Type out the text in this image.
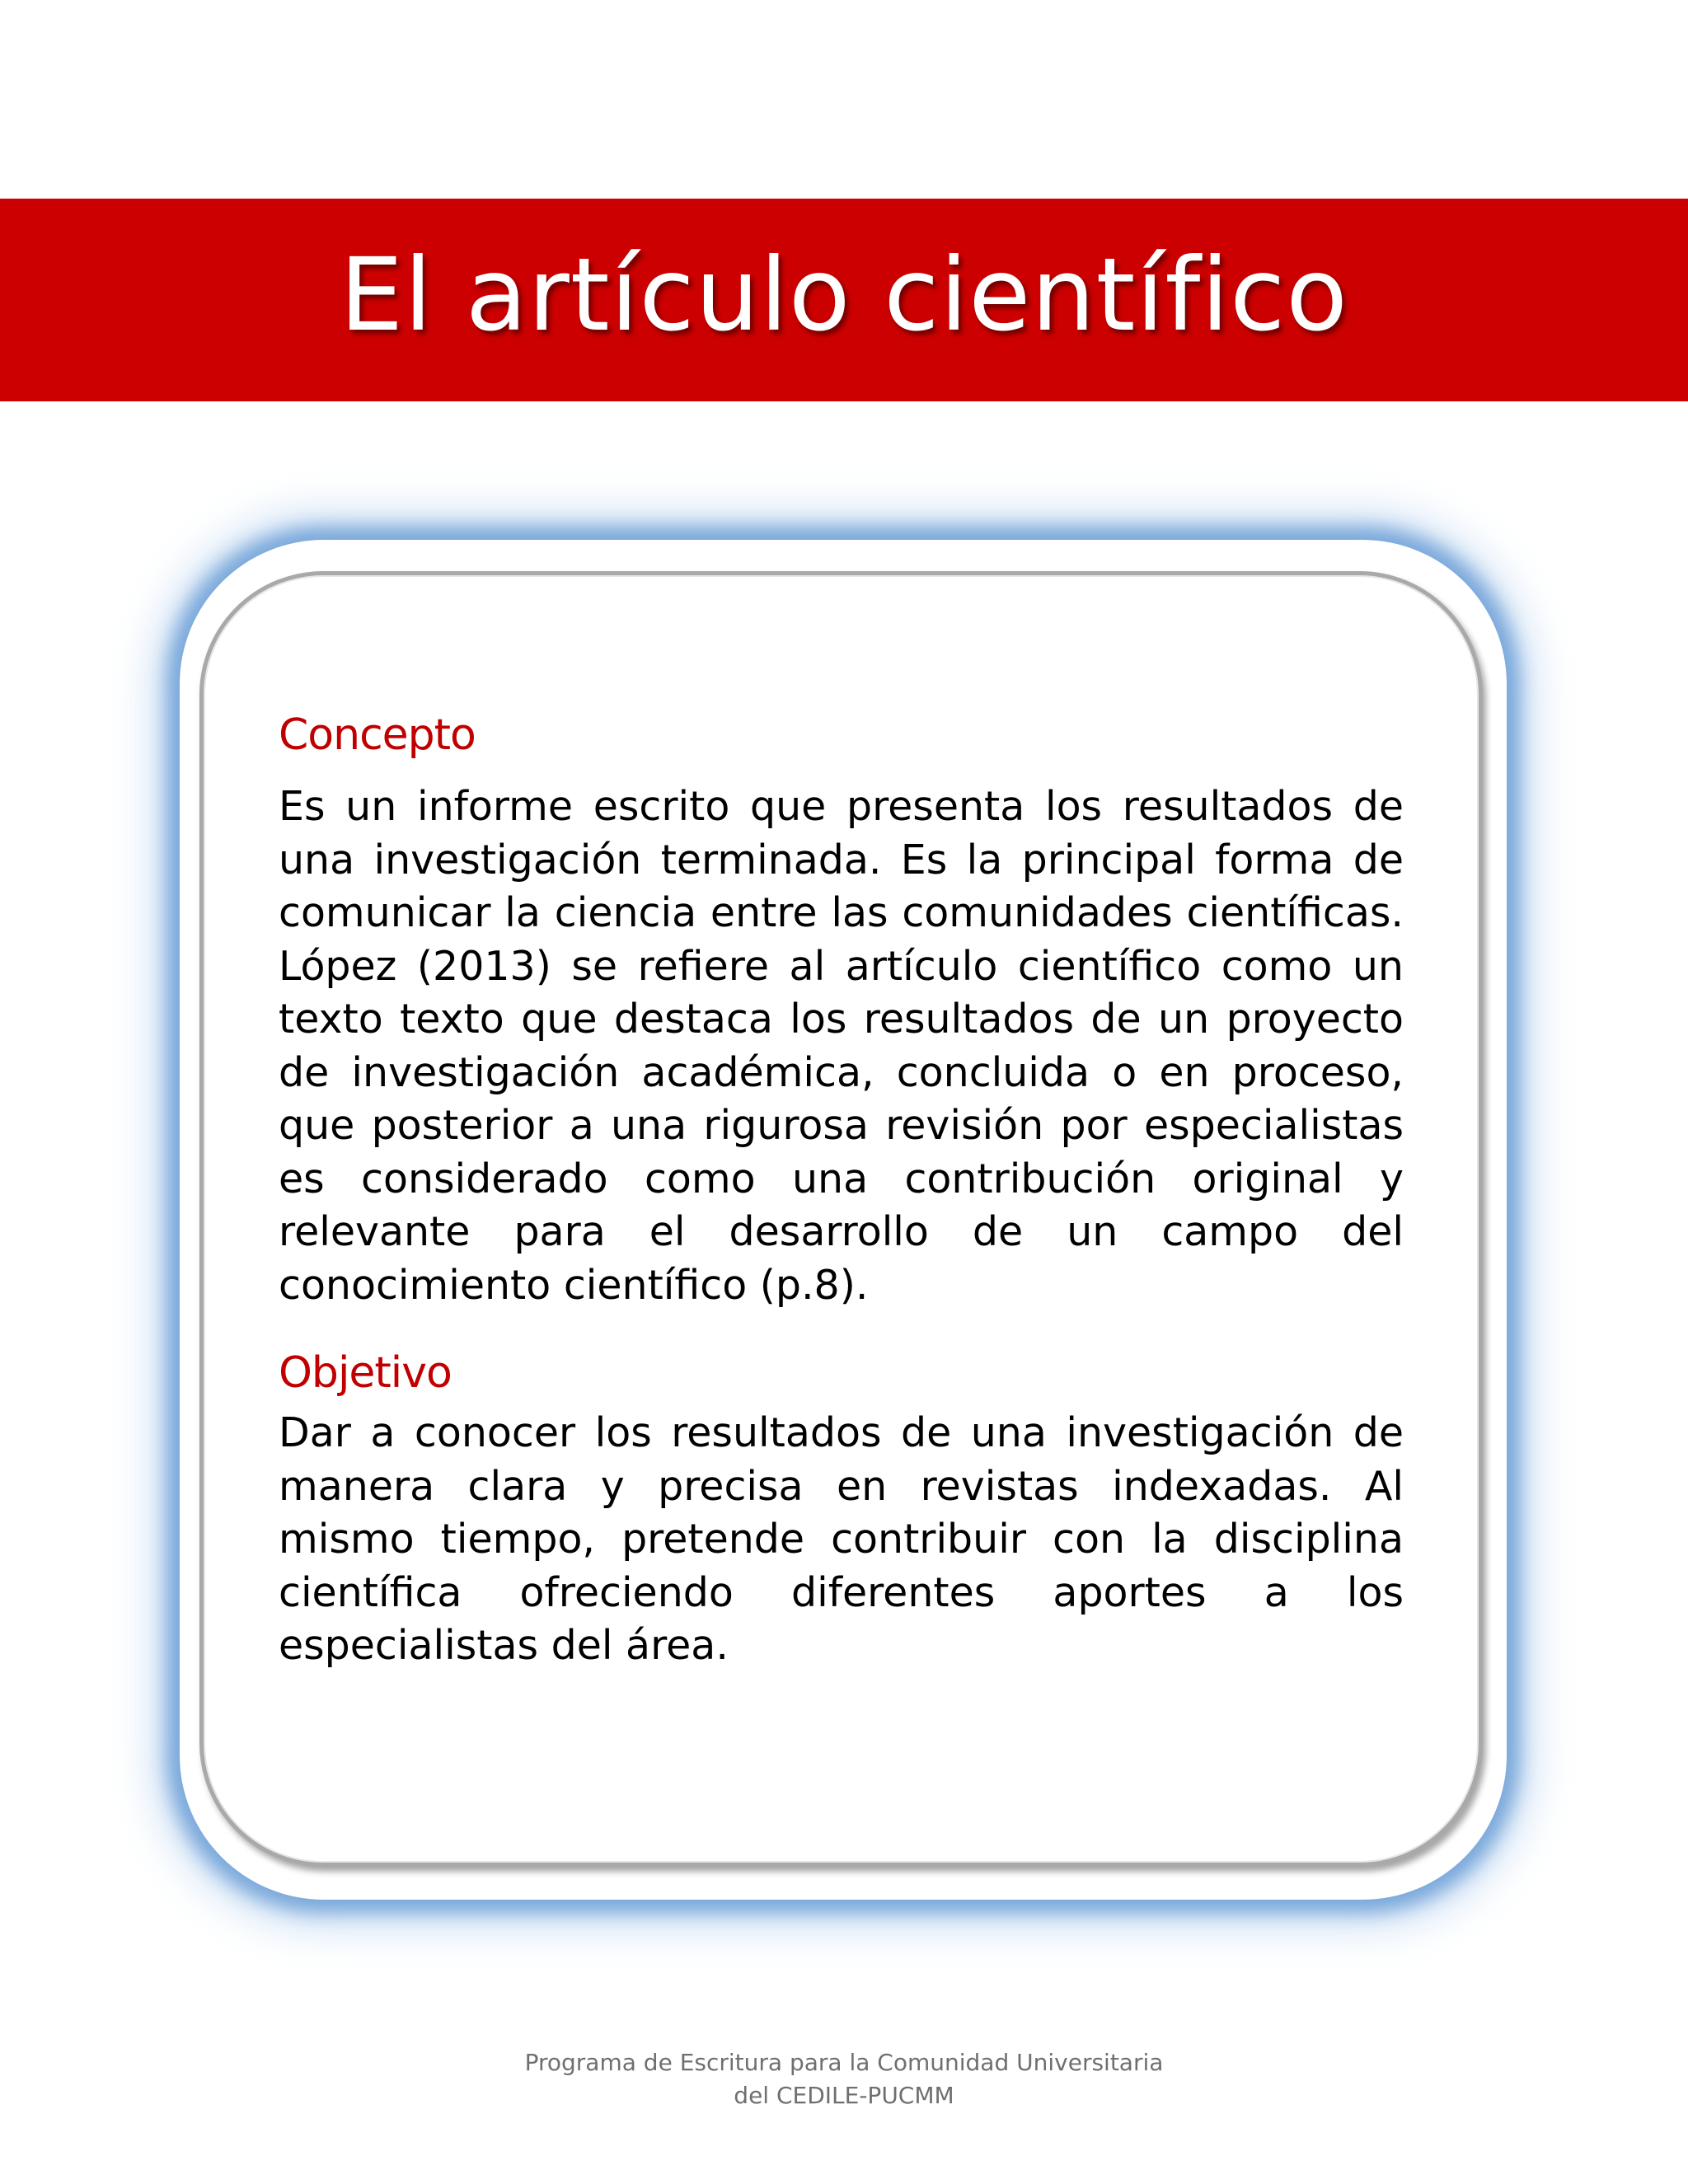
El artículo científico
Concepto

Es un informe escrito que presenta los resultados de una investigación terminada. Es la principal forma de comunicar la ciencia entre las comunidades científicas. López (2013) se refiere al artículo científico como un texto texto que destaca los resultados de un proyecto de investigación académica, concluida o en proceso, que posterior a una rigurosa revisión por especialistas es considerado como una contribución original y relevante para el desarrollo de un campo del conocimiento científico (p.8).

Objetivo

Dar a conocer los resultados de una investigación de manera clara y precisa en revistas indexadas. Al mismo tiempo, pretende contribuir con la disciplina científica ofreciendo diferentes aportes a los especialistas del área.

Programa de Escritura para la Comunidad Universitaria
del CEDILE-PUCMM
